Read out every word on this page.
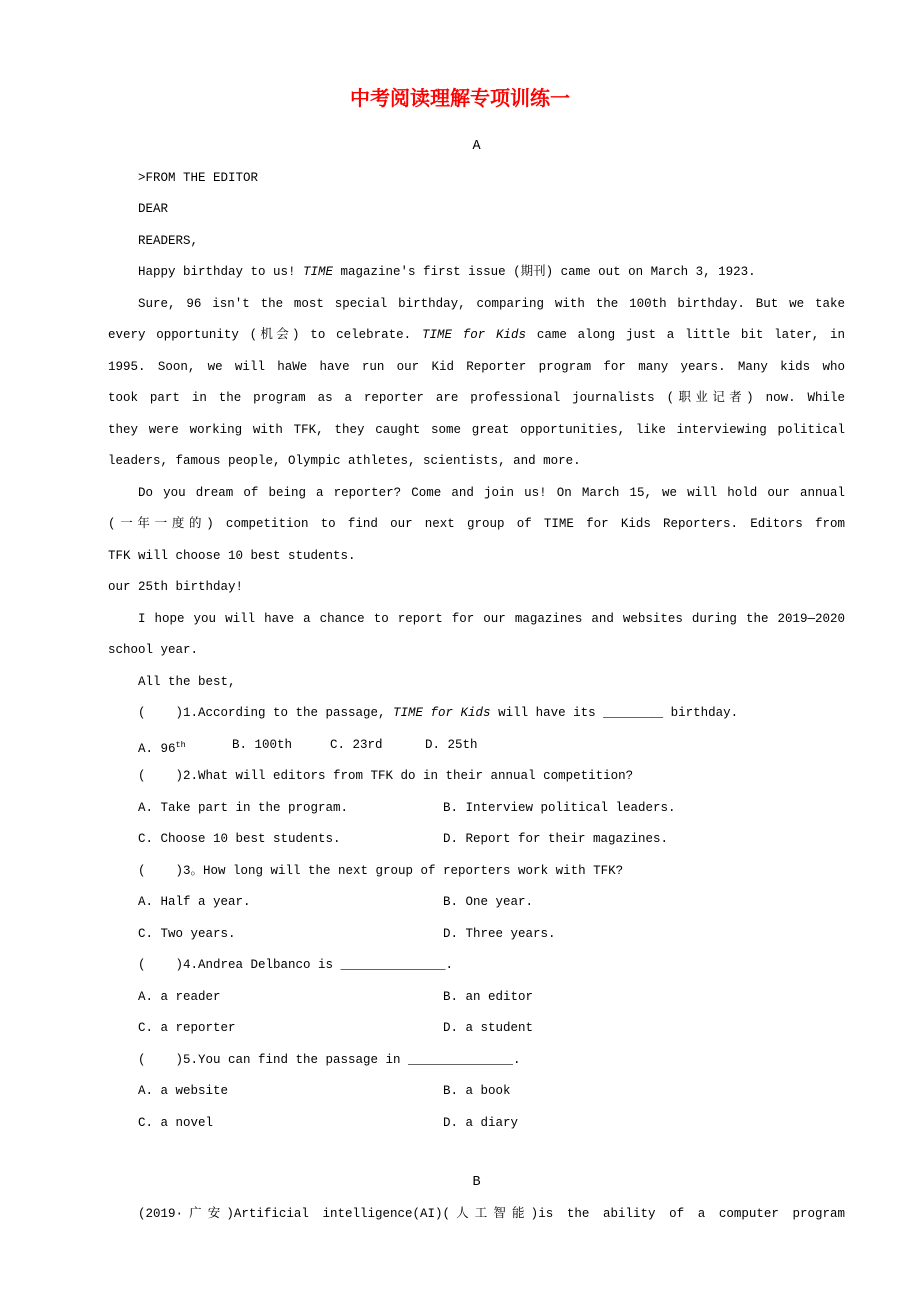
中考阅读理解专项训练一
A
>FROM THE EDITOR
DEAR
READERS,
Happy birthday to us! TIME magazine's first issue (期刊) came out on March 3, 1923.
Sure, 96 isn't the most special birthday, comparing with the 100th birthday. But we take
every opportunity (机会) to celebrate. TIME for Kids came along just a little bit later, in
1995. Soon, we will haWe have run our Kid Reporter program for many years. Many kids who
took part in the program as a reporter are professional journalists (职业记者) now. While
they were working with TFK, they caught some great opportunities, like interviewing political
leaders, famous people, Olympic athletes, scientists, and more.
Do you dream of being a reporter? Come and join us! On March 15, we will hold our annual
(一年一度的) competition to find our next group of TIME for Kids Reporters. Editors from
TFK will choose 10 best students.
our 25th birthday!
I hope you will have a chance to report for our magazines and websites during the 2019—2020
school year.
All the best,
(    )1.According to the passage, TIME for Kids will have its ________ birthday.
A. 96th	B. 100th	C. 23rd	D. 25th
(    )2.What will editors from TFK do in their annual competition?
A. Take part in the program.	B. Interview political leaders.
C. Choose 10 best students.	D. Report for their magazines.
(    )3。How long will the next group of reporters work with TFK?
A. Half a year.	B. One year.
C. Two years.	D. Three years.
(    )4.Andrea Delbanco is ______________.
A. a reader	B. an editor
C. a reporter	D. a student
(    )5.You can find the passage in ______________.
A. a website	B. a book
C. a novel	D. a diary
B
(2019·广安)Artificial intelligence(AI)(人工智能)is the ability of a computer program
